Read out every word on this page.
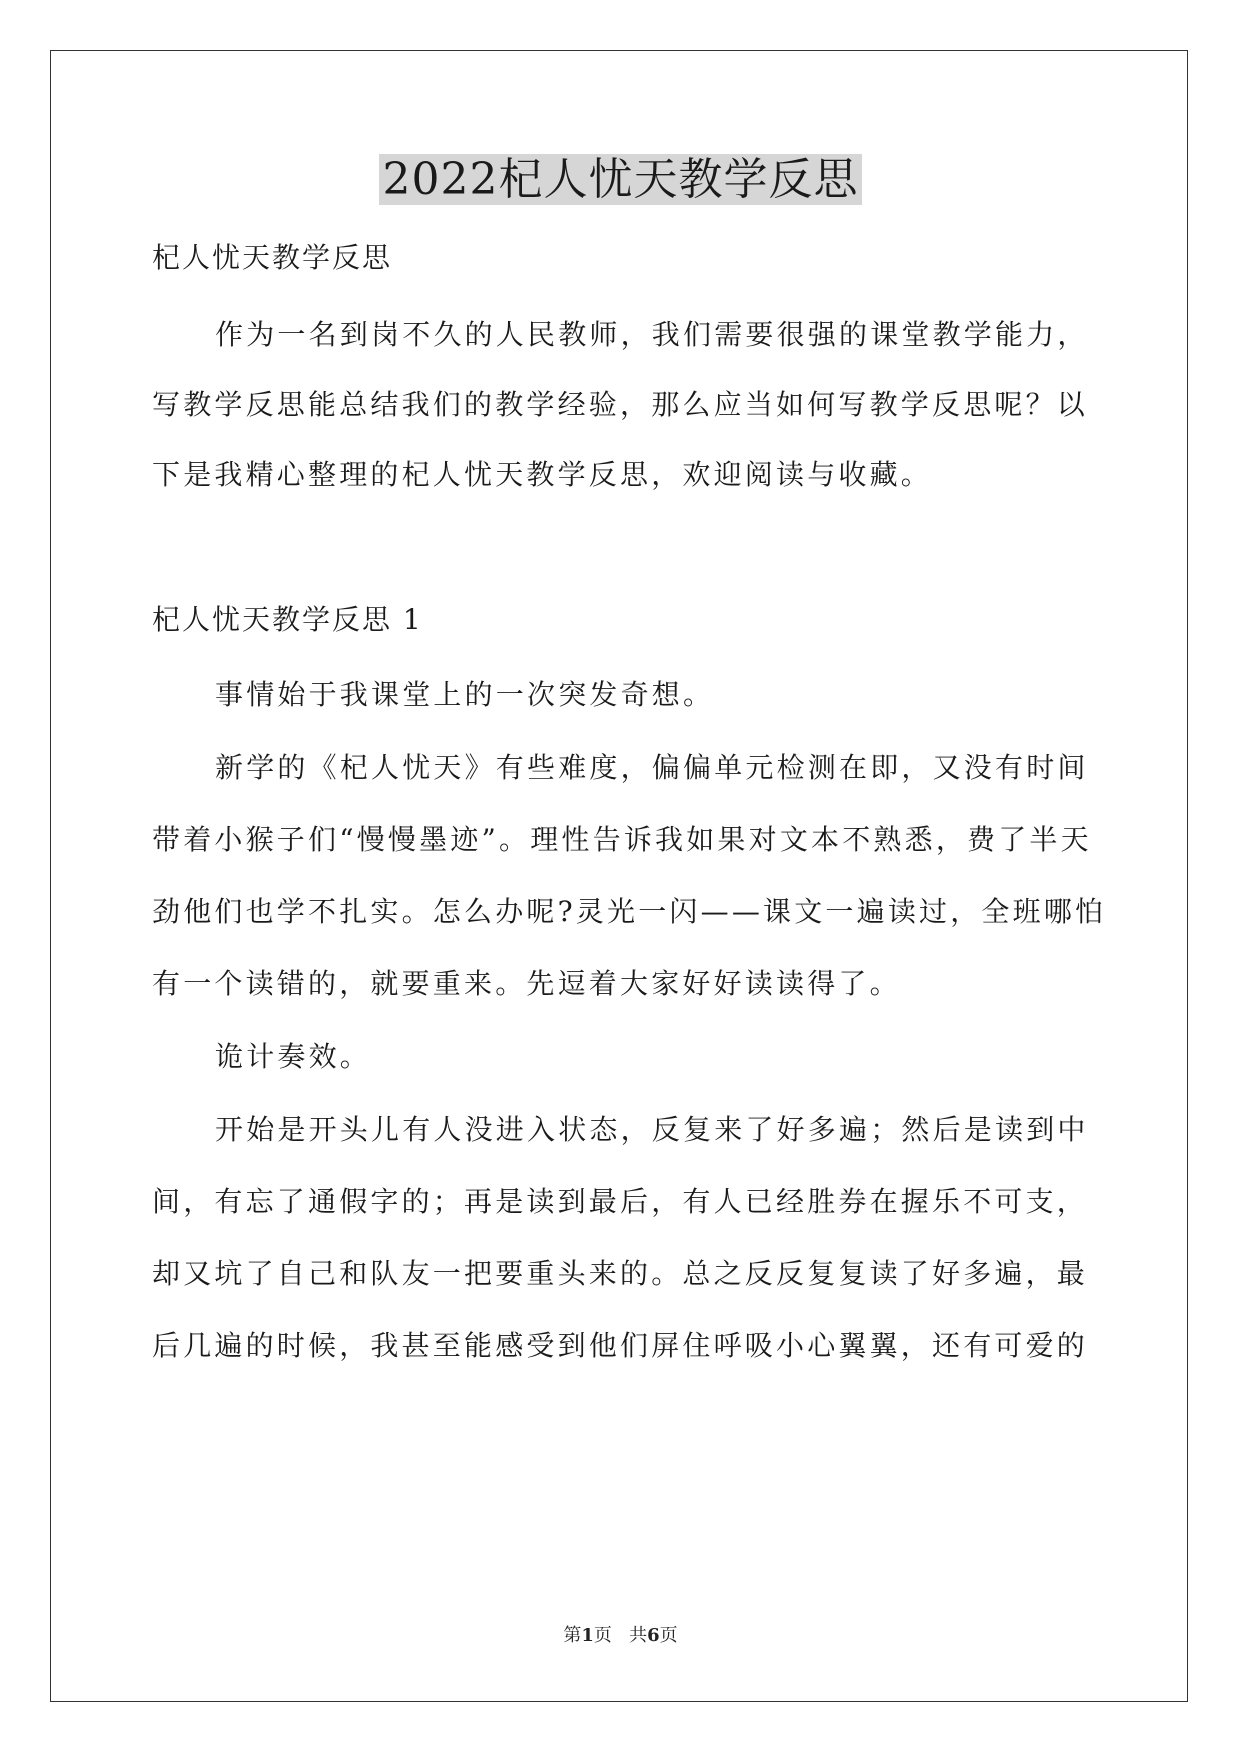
2022杞人忧天教学反思

杞人忧天教学反思

作为一名到岗不久的人民教师，我们需要很强的课堂教学能力，

写教学反思能总结我们的教学经验，那么应当如何写教学反思呢？以

下是我精心整理的杞人忧天教学反思，欢迎阅读与收藏。

杞人忧天教学反思 1

事情始于我课堂上的一次突发奇想。

新学的《杞人忧天》有些难度，偏偏单元检测在即，又没有时间

带着小猴子们“慢慢墨迹”。理性告诉我如果对文本不熟悉，费了半天

劲他们也学不扎实。怎么办呢?灵光一闪——课文一遍读过，全班哪怕

有一个读错的，就要重来。先逗着大家好好读读得了。

诡计奏效。

开始是开头儿有人没进入状态，反复来了好多遍；然后是读到中

间，有忘了通假字的；再是读到最后，有人已经胜券在握乐不可支，

却又坑了自己和队友一把要重头来的。总之反反复复读了好多遍，最

后几遍的时候，我甚至能感受到他们屏住呼吸小心翼翼，还有可爱的

第1页 共6页
